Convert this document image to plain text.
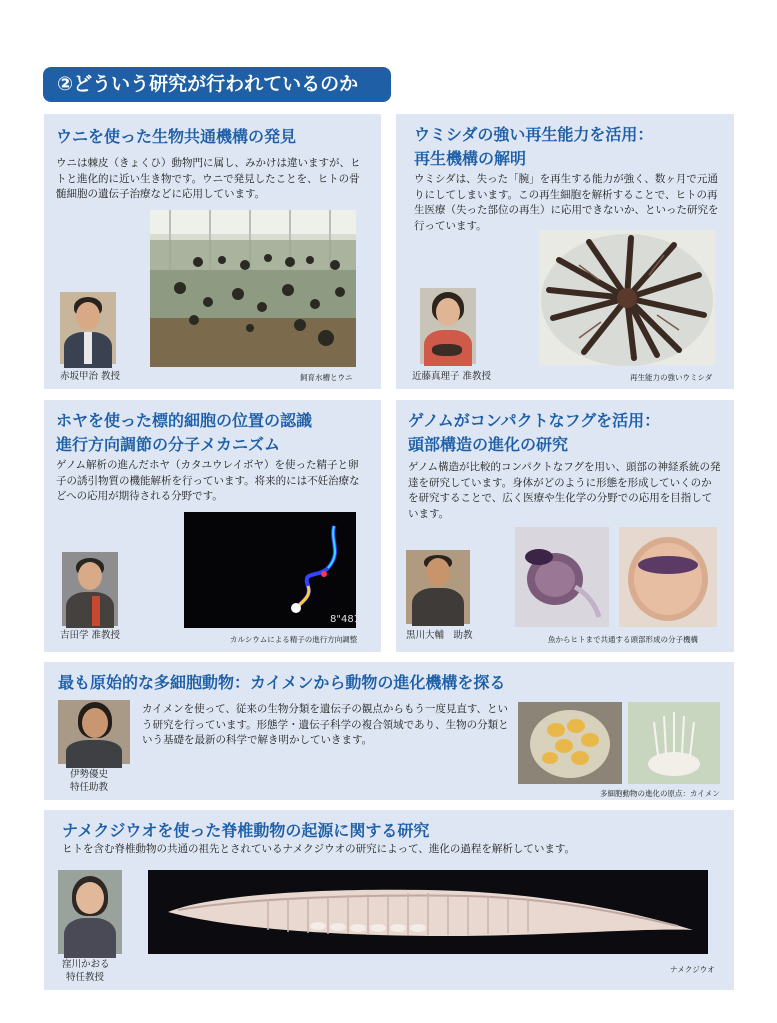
②どういう研究が行われているのか
ウニを使った生物共通機構の発見
ウニは棘皮（きょくひ）動物門に属し、みかけは違いますが、ヒトと進化的に近い生き物です。ウニで発見したことを、ヒトの骨髄細胞の遺伝子治療などに応用しています。
赤坂甲治 教授	飼育水槽とウニ
ウミシダの強い再生能力を活用：
再生機構の解明
ウミシダは、失った「腕」を再生する能力が強く、数ヶ月で元通りにしてしまいます。この再生細胞を解析することで、ヒトの再生医療（失った部位の再生）に応用できないか、といった研究を行っています。
近藤真理子 准教授	再生能力の強いウミシダ
ホヤを使った標的細胞の位置の認識
進行方向調節の分子メカニズム
ゲノム解析の進んだホヤ（カタユウレイボヤ）を使った精子と卵子の誘引物質の機能解析を行っています。将来的には不妊治療などへの応用が期待される分野です。
8"481
吉田学 准教授	カルシウムによる精子の進行方向調整
ゲノムがコンパクトなフグを活用：
頭部構造の進化の研究
ゲノム構造が比較的コンパクトなフグを用い、頭部の神経系統の発達を研究しています。身体がどのように形態を形成していくのかを研究することで、広く医療や生化学の分野での応用を目指しています。
黒川大輔　助教	魚からヒトまで共通する頭部形成の分子機構
最も原始的な多細胞動物：カイメンから動物の進化機構を探る
カイメンを使って、従来の生物分類を遺伝子の観点からもう一度見直す、という研究を行っています。形態学・遺伝子科学の複合領域であり、生物の分類という基礎を最新の科学で解き明かしていきます。
伊勢優史
特任助教
多細胞動物の進化の原点：カイメン
ナメクジウオを使った脊椎動物の起源に関する研究
ヒトを含む脊椎動物の共通の祖先とされているナメクジウオの研究によって、進化の過程を解析しています。
窪川かおる
特任教授
ナメクジウオ
